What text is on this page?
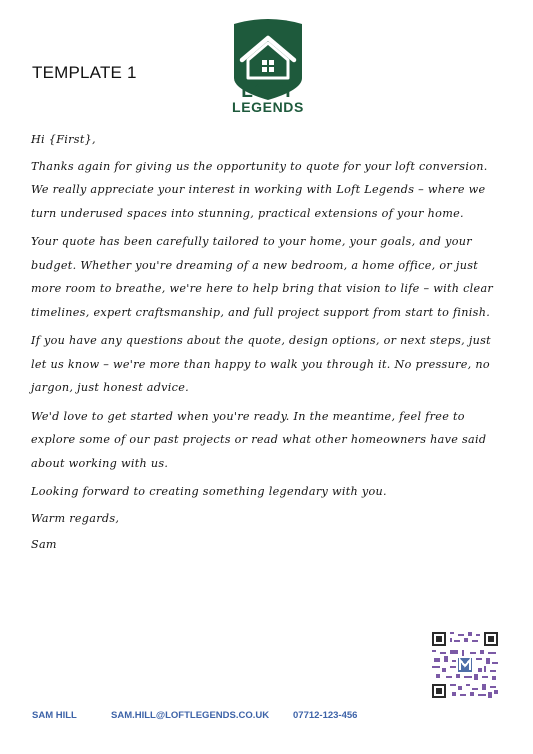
TEMPLATE 1
LOFT
LEGENDS

Hi {First},

Thanks again for giving us the opportunity to quote for your loft conversion. We really appreciate your interest in working with Loft Legends – where we turn underused spaces into stunning, practical extensions of your home.

Your quote has been carefully tailored to your home, your goals, and your budget. Whether you're dreaming of a new bedroom, a home office, or just more room to breathe, we're here to help bring that vision to life – with clear timelines, expert craftsmanship, and full project support from start to finish.

If you have any questions about the quote, design options, or next steps, just let us know – we're more than happy to walk you through it. No pressure, no jargon, just honest advice.

We'd love to get started when you're ready. In the meantime, feel free to explore some of our past projects or read what other homeowners have said about working with us.

Looking forward to creating something legendary with you.

Warm regards,

Sam

SAM HILL	SAM.HILL@LOFTLEGENDS.CO.UK	07712-123-456
